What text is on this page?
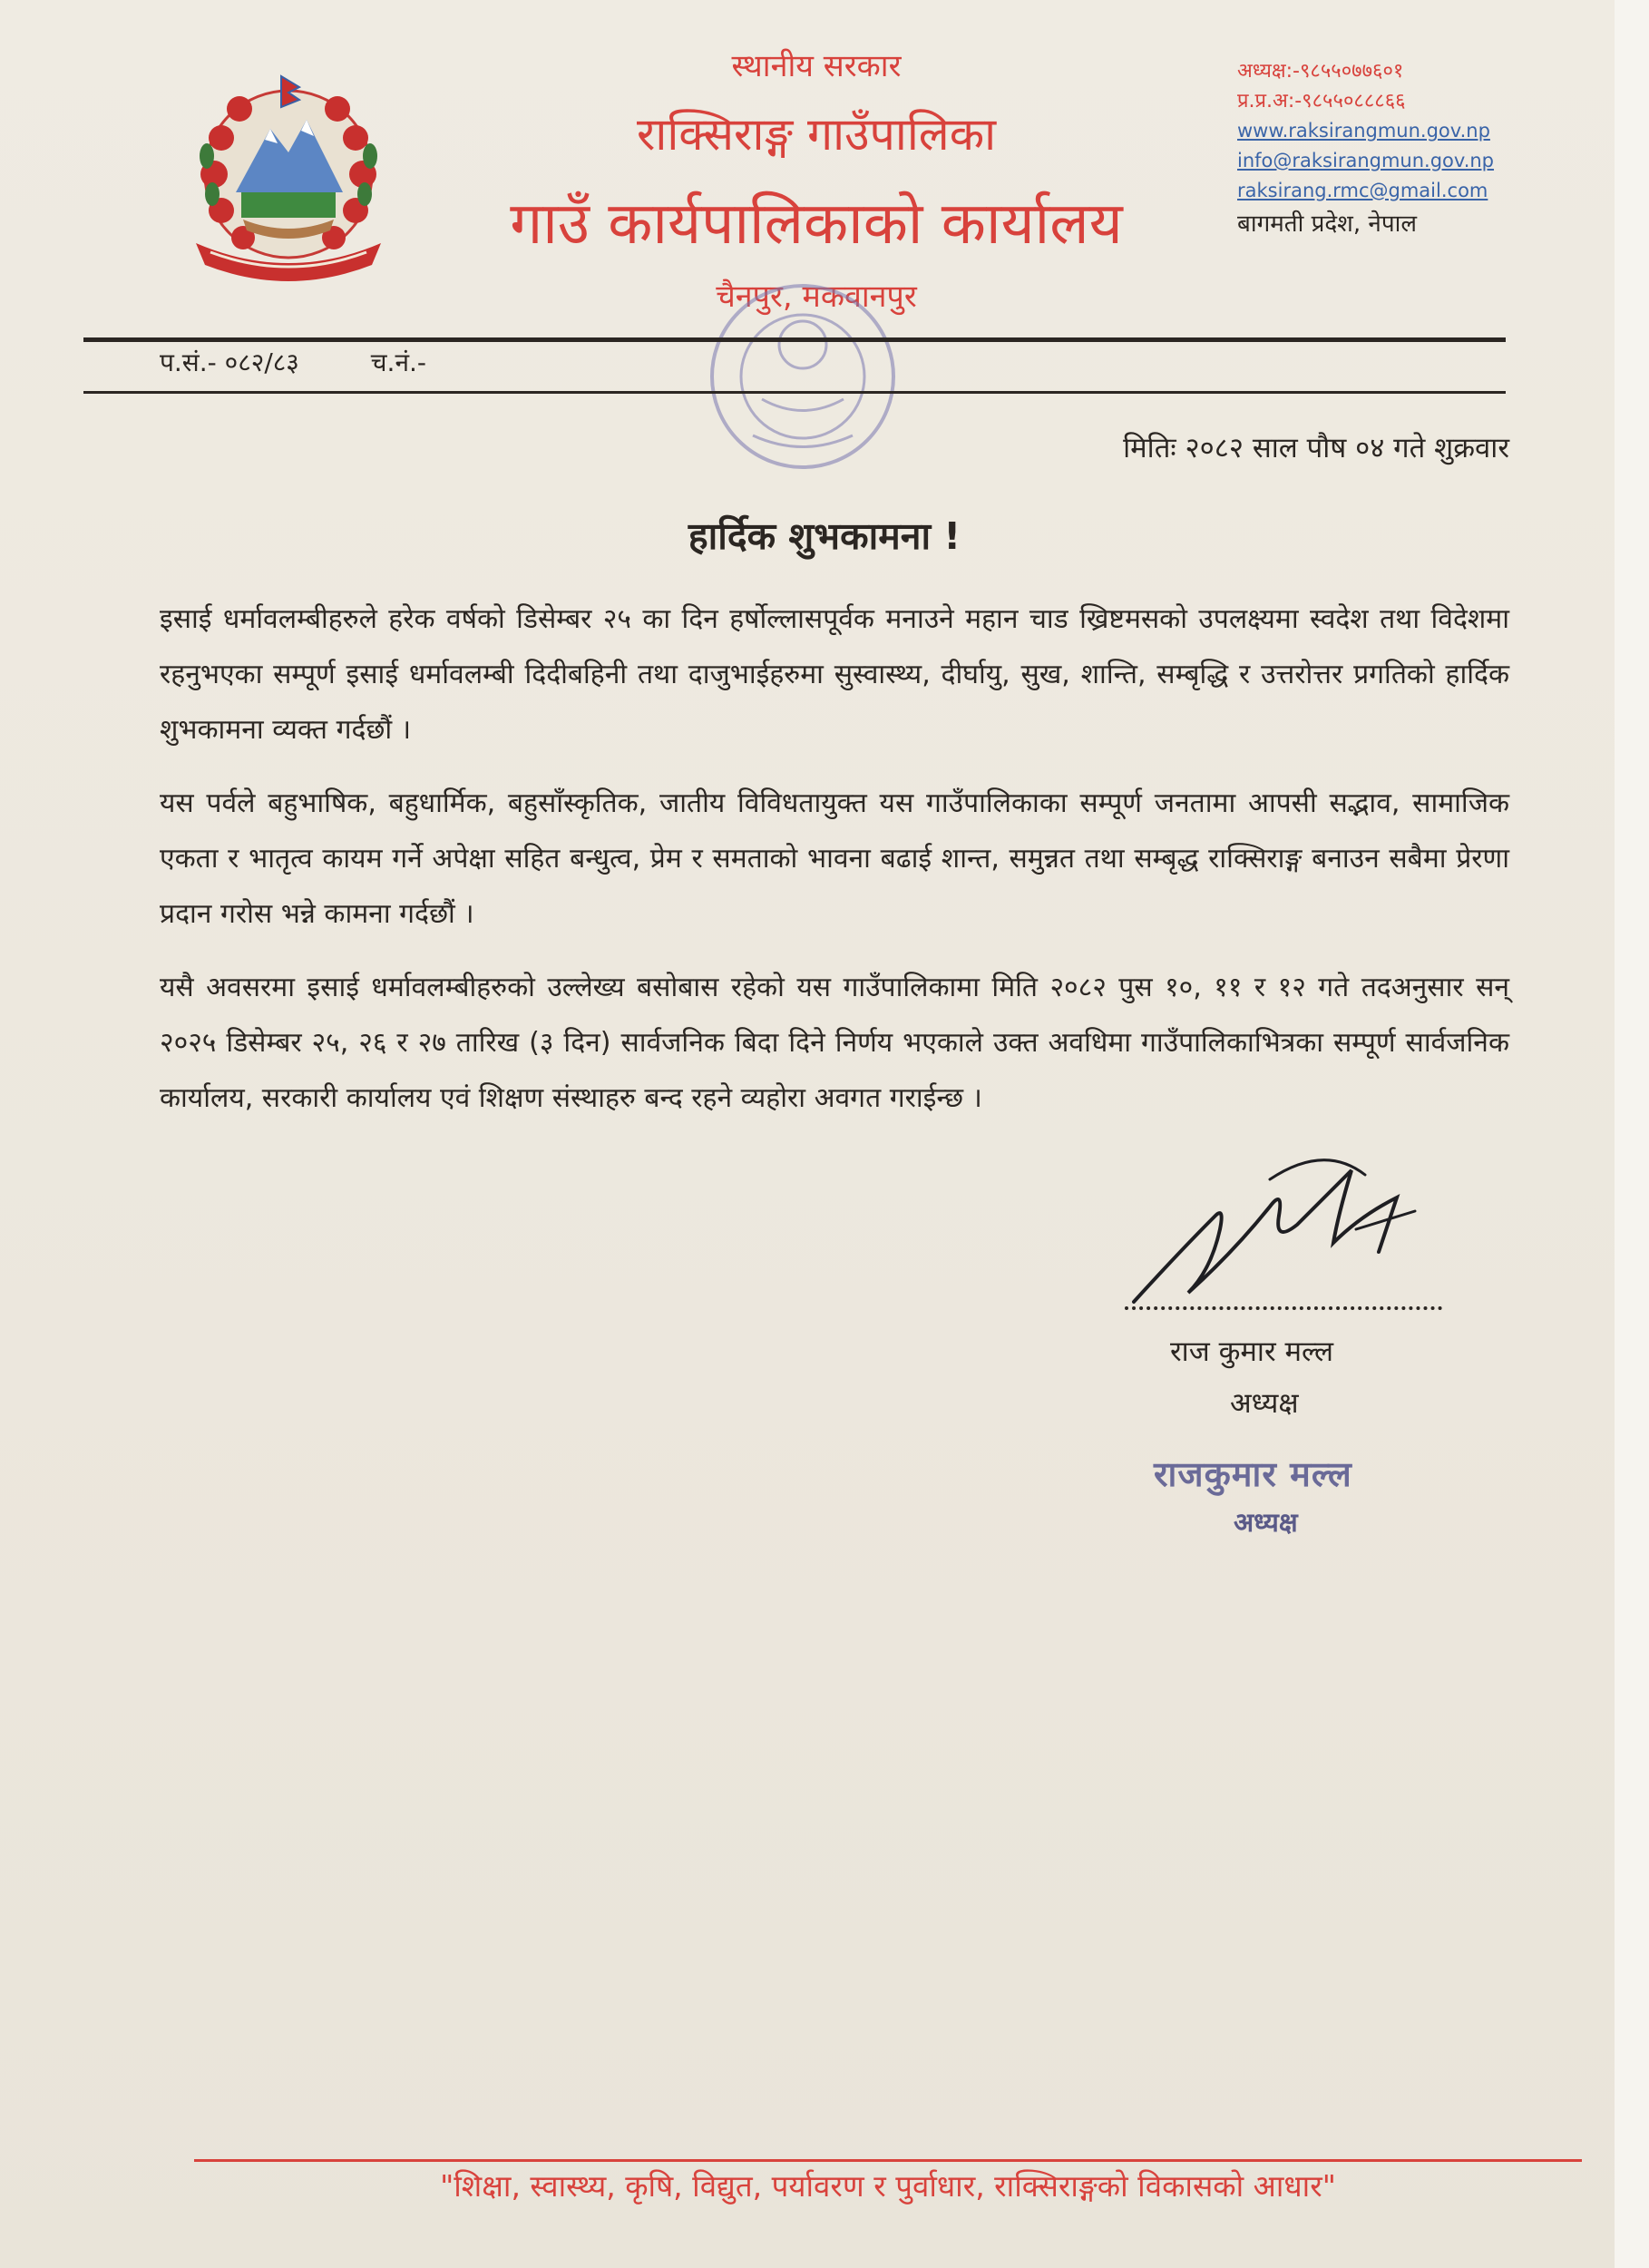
स्थानीय सरकार
राक्सिराङ्ग गाउँपालिका
गाउँ कार्यपालिकाको कार्यालय
चैनपुर, मकवानपुर
अध्यक्ष:-९८५५०७७६०१
प्र.प्र.अ:-९८५५०८८८६६
www.raksirangmun.gov.np
info@raksirangmun.gov.np
raksirang.rmc@gmail.com
बागमती प्रदेश, नेपाल
प.सं.- ०८२/८३	च.नं.-
मितिः २०८२ साल पौष ०४ गते शुक्रवार
हार्दिक शुभकामना !

इसाई धर्मावलम्बीहरुले हरेक वर्षको डिसेम्बर २५ का दिन हर्षोल्लासपूर्वक मनाउने महान चाड ख्रिष्टमसको उपलक्ष्यमा स्वदेश तथा विदेशमा रहनुभएका सम्पूर्ण इसाई धर्मावलम्बी दिदीबहिनी तथा दाजुभाईहरुमा सुस्वास्थ्य, दीर्घायु, सुख, शान्ति, सम्बृद्धि र उत्तरोत्तर प्रगतिको हार्दिक शुभकामना व्यक्त गर्दछौं ।

यस पर्वले बहुभाषिक, बहुधार्मिक, बहुसाँस्कृतिक, जातीय विविधतायुक्त यस गाउँपालिकाका सम्पूर्ण जनतामा आपसी सद्भाव, सामाजिक एकता र भातृत्व कायम गर्ने अपेक्षा सहित बन्धुत्व, प्रेम र समताको भावना बढाई शान्त, समुन्नत तथा सम्बृद्ध राक्सिराङ्ग बनाउन सबैमा प्रेरणा प्रदान गरोस भन्ने कामना गर्दछौं ।

यसै अवसरमा इसाई धर्मावलम्बीहरुको उल्लेख्य बसोबास रहेको यस गाउँपालिकामा मिति २०८२ पुस १०, ११ र १२ गते तदअनुसार सन् २०२५ डिसेम्बर २५, २६ र २७ तारिख (३ दिन) सार्वजनिक बिदा दिने निर्णय भएकाले उक्त अवधिमा गाउँपालिकाभित्रका सम्पूर्ण सार्वजनिक कार्यालय, सरकारी कार्यालय एवं शिक्षण संस्थाहरु बन्द रहने व्यहोरा अवगत गराईन्छ ।

राज कुमार मल्ल
अध्यक्ष
राजकुमार मल्ल
अध्यक्ष
"शिक्षा, स्वास्थ्य, कृषि, विद्युत, पर्यावरण र पुर्वाधार, राक्सिराङ्गको विकासको आधार"
